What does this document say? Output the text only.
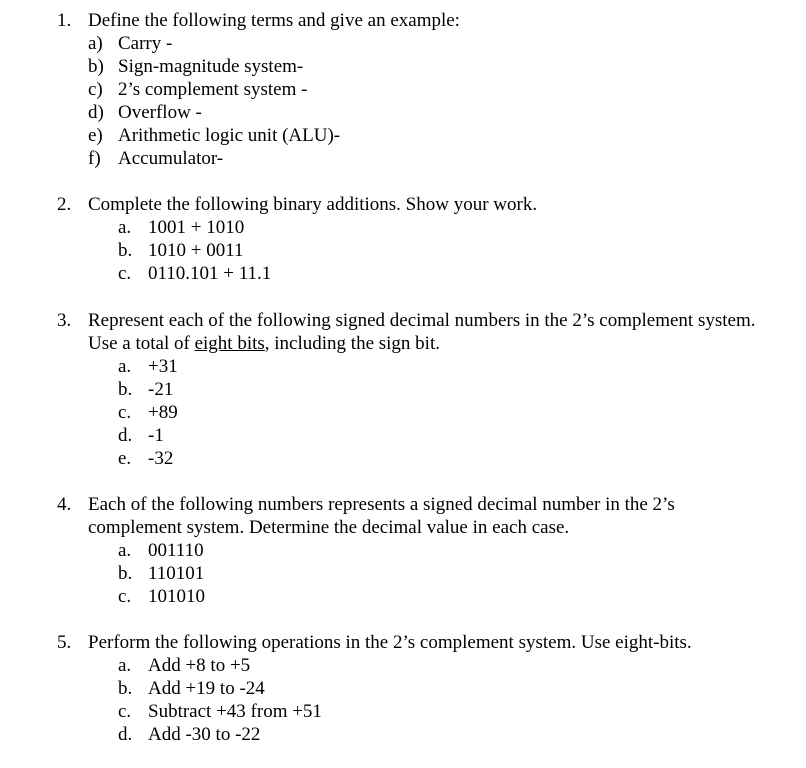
1. Define the following terms and give an example:
a) Carry -
b) Sign-magnitude system-
c) 2’s complement system -
d) Overflow -
e) Arithmetic logic unit (ALU)-
f) Accumulator-
2. Complete the following binary additions. Show your work.
a. 1001 + 1010
b. 1010 + 0011
c. 0110.101 + 11.1
3. Represent each of the following signed decimal numbers in the 2’s complement system.
Use a total of eight bits, including the sign bit.
a. +31
b. -21
c. +89
d. -1
e. -32
4. Each of the following numbers represents a signed decimal number in the 2’s
complement system. Determine the decimal value in each case.
a. 001110
b. 110101
c. 101010
5. Perform the following operations in the 2’s complement system. Use eight-bits.
a. Add +8 to +5
b. Add +19 to -24
c. Subtract +43 from +51
d. Add -30 to -22
